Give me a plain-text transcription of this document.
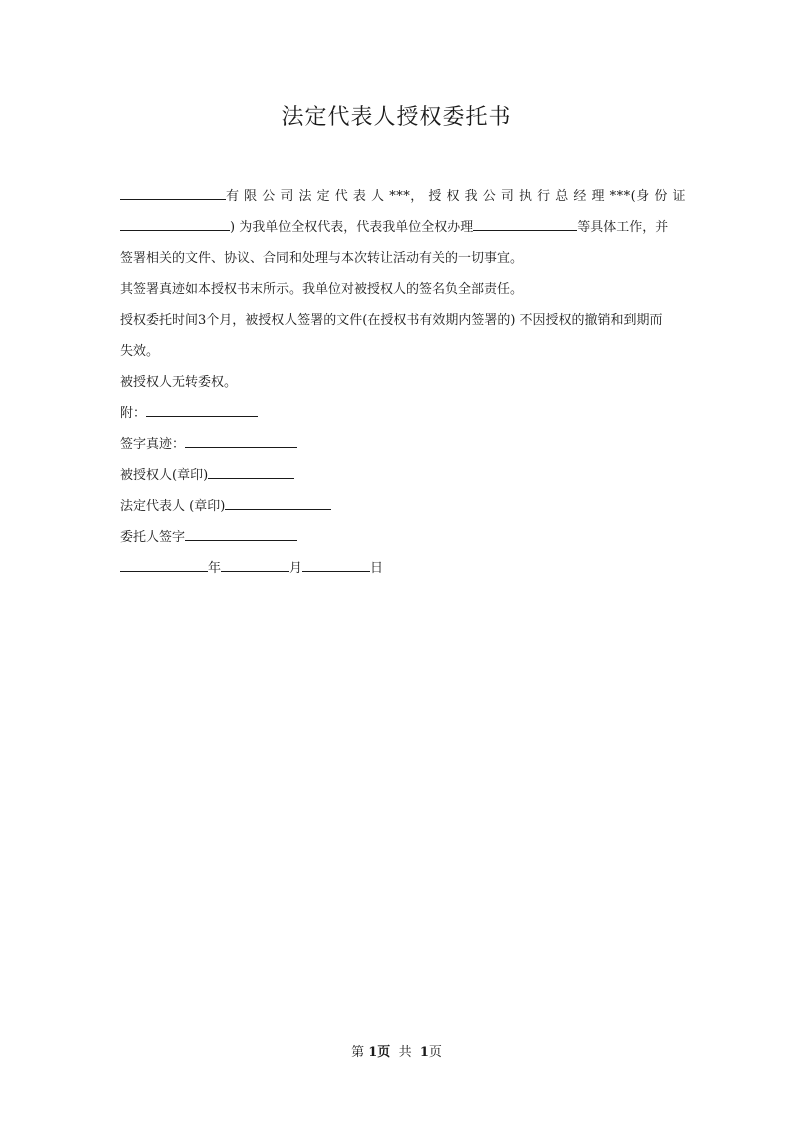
法定代表人授权委托书
有 限 公 司 法 定 代 表 人 ***， 授 权 我 公 司 执 行 总 经 理 ***(身 份 证
) 为我单位全权代表，代表我单位全权办理	等具体工作，并
签署相关的文件、协议、合同和处理与本次转让活动有关的一切事宜。
其签署真迹如本授权书末所示。我单位对被授权人的签名负全部责任。
授权委托时间3个月，被授权人签署的文件(在授权书有效期内签署的) 不因授权的撤销和到期而
失效。
被授权人无转委权。
附：
签字真迹：
被授权人(章印)
法定代表人 (章印)
委托人签字
年	月	日
第 1页 共 1页
